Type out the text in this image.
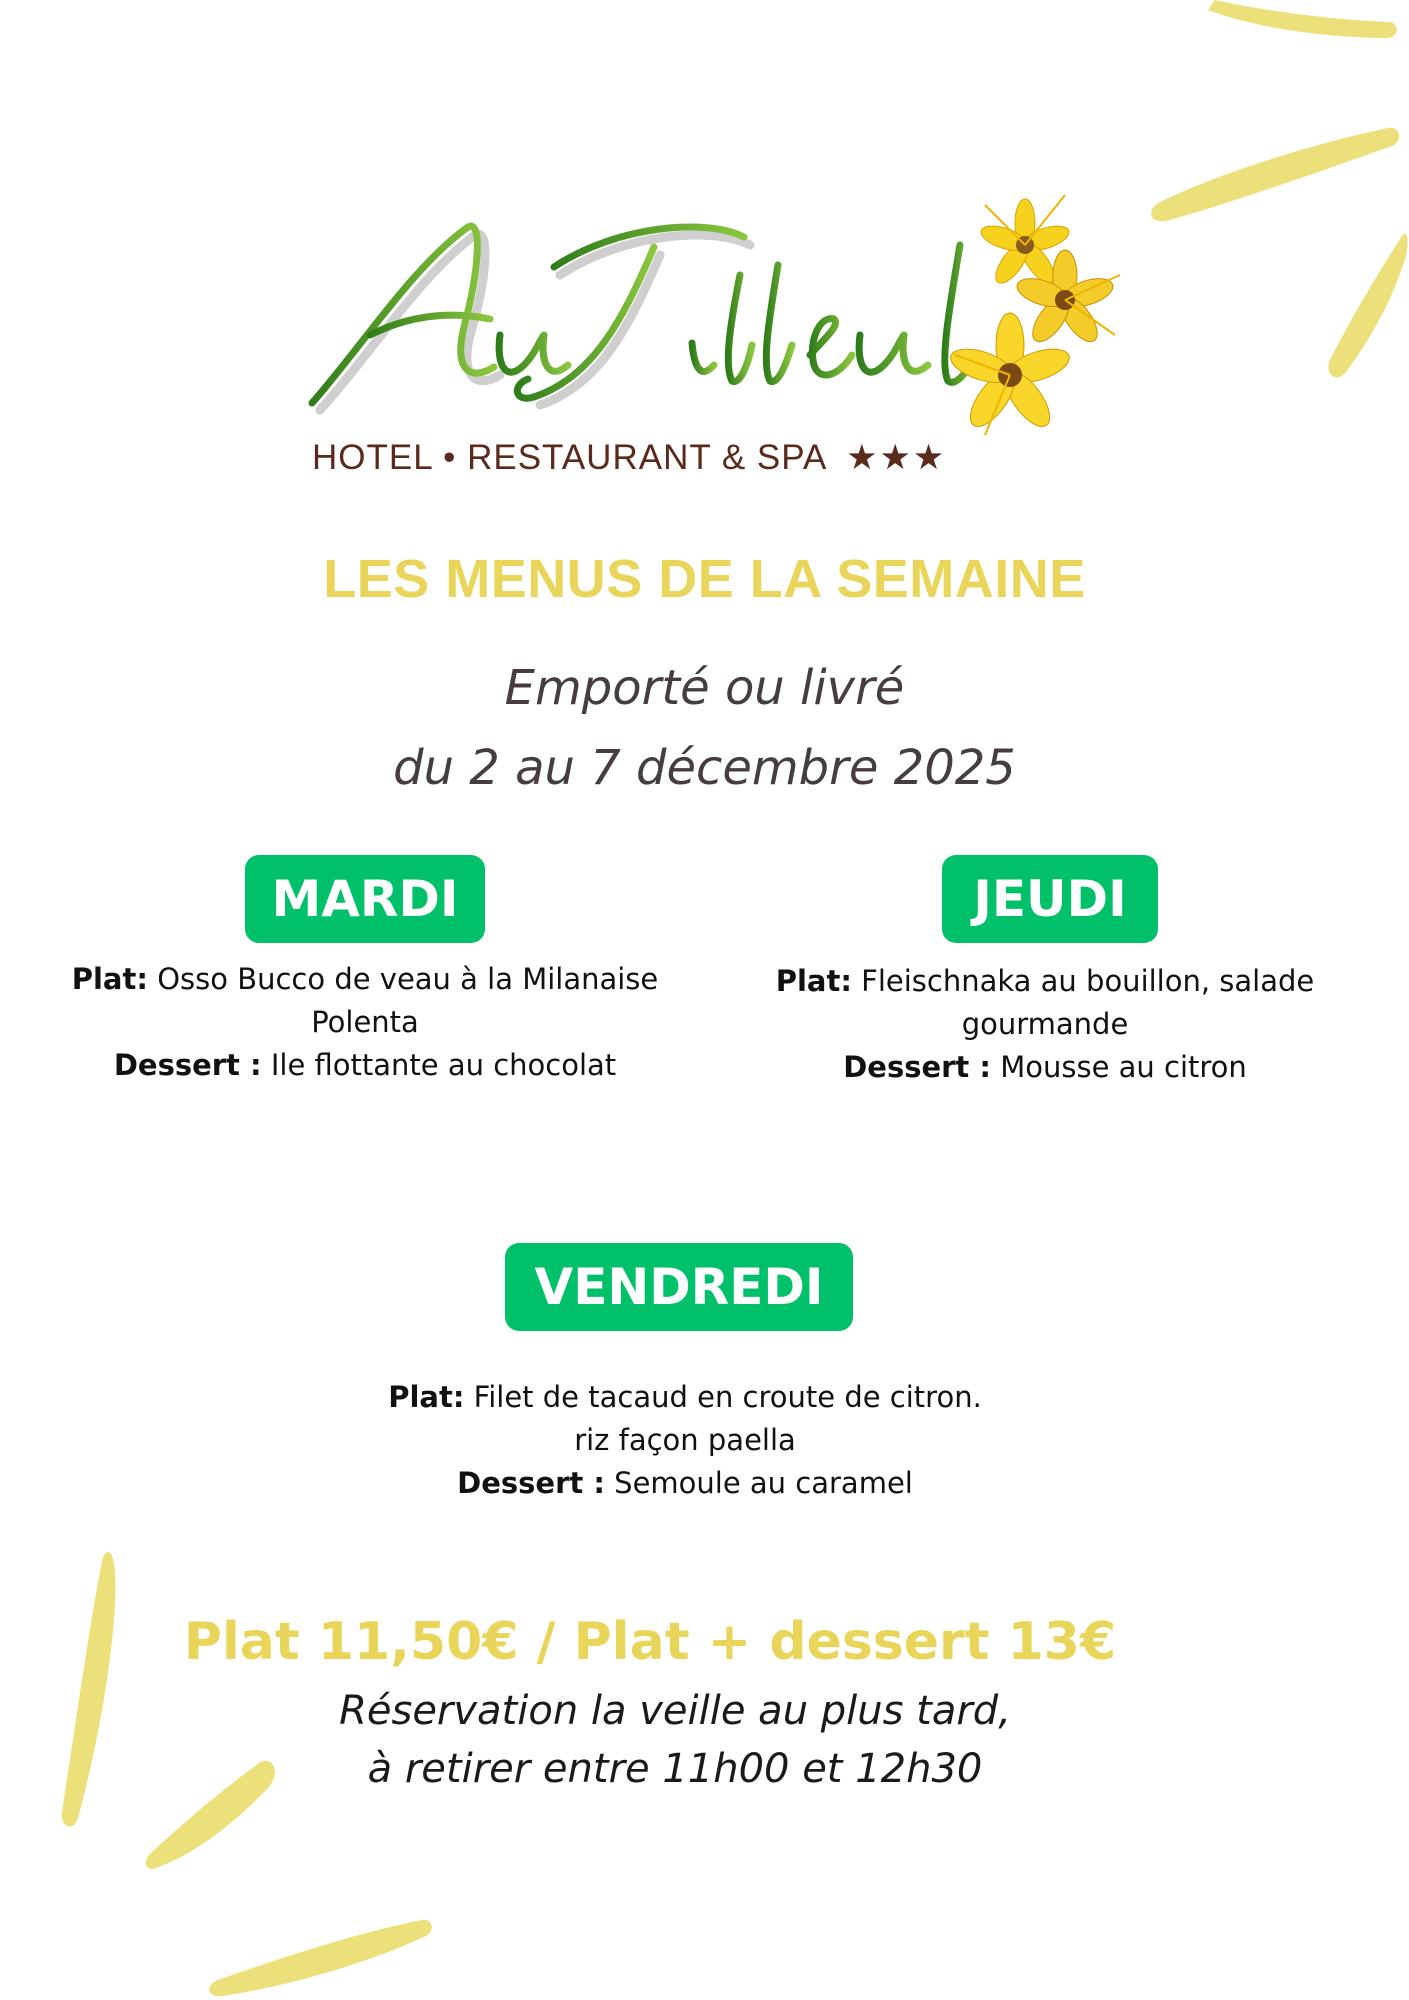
HOTEL • RESTAURANT & SPA ★★★
LES MENUS DE LA SEMAINE
Emporté ou livré
du 2 au 7 décembre 2025
MARDI
Plat: Osso Bucco de veau à la Milanaise
Polenta
Dessert : Ile flottante au chocolat
JEUDI
Plat: Fleischnaka au bouillon, salade
gourmande
Dessert : Mousse au citron
VENDREDI
Plat: Filet de tacaud en croute de citron.
riz façon paella
Dessert : Semoule au caramel
Plat 11,50€ / Plat + dessert 13€
Réservation la veille au plus tard,
à retirer entre 11h00 et 12h30
